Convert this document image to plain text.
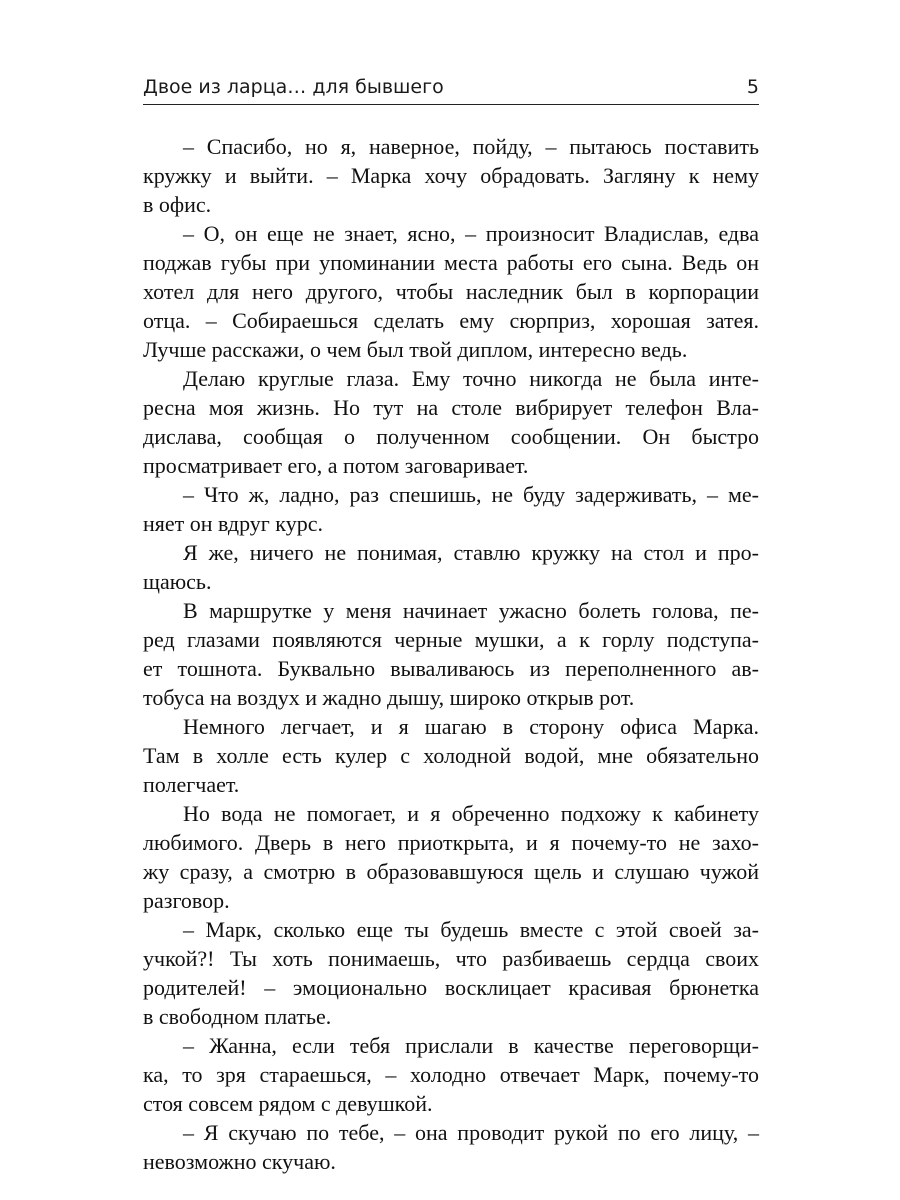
Двое из ларца… для бывшего	5
– Спасибо, но я, наверное, пойду, – пытаюсь поставить
кружку и выйти. – Марка хочу обрадовать. Загляну к нему
в офис.
– О, он еще не знает, ясно, – произносит Владислав, едва
поджав губы при упоминании места работы его сына. Ведь он
хотел для него другого, чтобы наследник был в корпорации
отца. – Собираешься сделать ему сюрприз, хорошая затея.
Лучше расскажи, о чем был твой диплом, интересно ведь.
Делаю круглые глаза. Ему точно никогда не была инте-
ресна моя жизнь. Но тут на столе вибрирует телефон Вла-
дислава, сообщая о полученном сообщении. Он быстро
просматривает его, а потом заговаривает.
– Что ж, ладно, раз спешишь, не буду задерживать, – ме-
няет он вдруг курс.
Я же, ничего не понимая, ставлю кружку на стол и про-
щаюсь.
В маршрутке у меня начинает ужасно болеть голова, пе-
ред глазами появляются черные мушки, а к горлу подступа-
ет тошнота. Буквально вываливаюсь из переполненного ав-
тобуса на воздух и жадно дышу, широко открыв рот.
Немного легчает, и я шагаю в сторону офиса Марка.
Там в холле есть кулер с холодной водой, мне обязательно
полегчает.
Но вода не помогает, и я обреченно подхожу к кабинету
любимого. Дверь в него приоткрыта, и я почему-то не захо-
жу сразу, а смотрю в образовавшуюся щель и слушаю чужой
разговор.
– Марк, сколько еще ты будешь вместе с этой своей за-
учкой?! Ты хоть понимаешь, что разбиваешь сердца своих
родителей! – эмоционально восклицает красивая брюнетка
в свободном платье.
– Жанна, если тебя прислали в качестве переговорщи-
ка, то зря стараешься, – холодно отвечает Марк, почему-то
стоя совсем рядом с девушкой.
– Я скучаю по тебе, – она проводит рукой по его лицу, –
невозможно скучаю.
